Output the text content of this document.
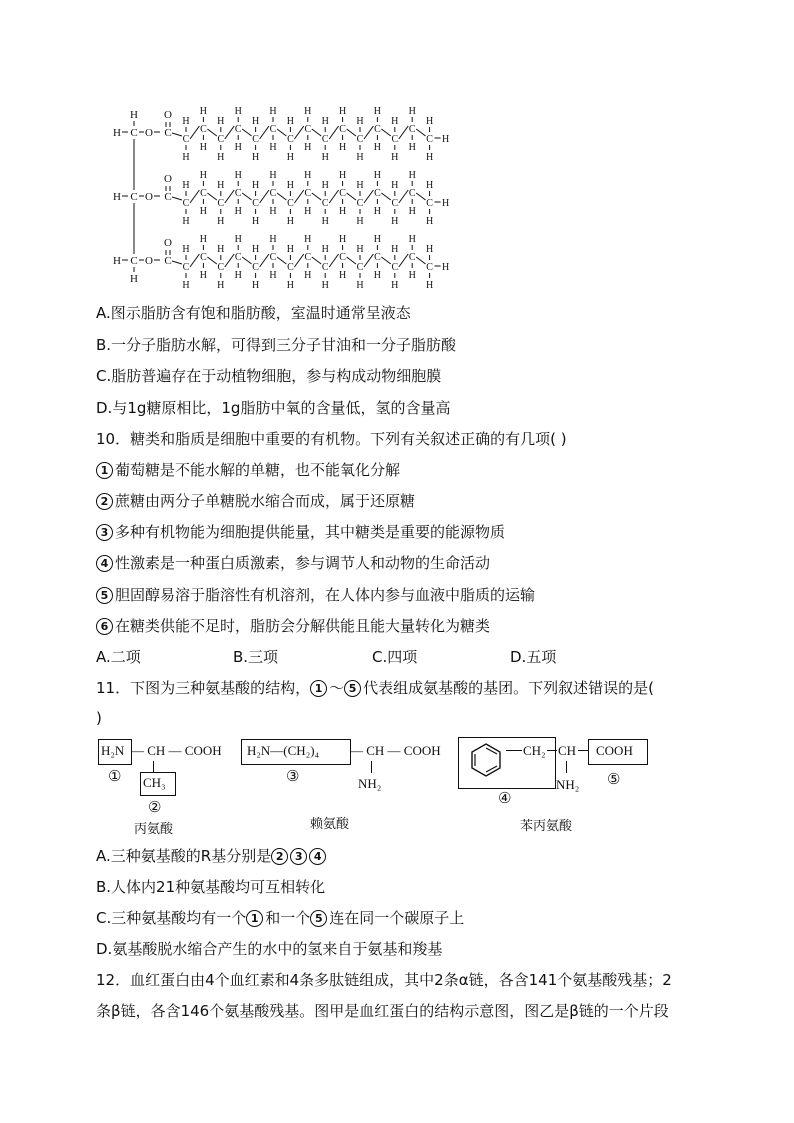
H C O C
H O
C
H
H
C
H
H
C
H
H
C
H
H
C
H
H
C
H
H
C
H
H
C
H
H
C
H
H
C
H
H
C
H
H
C
H
H
C
H
H
C
H
H
C
H
H
H
H C O C
O
C
H
H
C
H
H
C
H
H
C
H
H
C
H
H
C
H
H
C
H
H
C
H
H
C
H
H
C
H
H
C
H
H
C
H
H
C
H
H
C
H
H
C
H
H
H
H C O C
H
O
C
H
H
C
H
H
C
H
H
C
H
H
C
H
H
C
H
H
C
H
H
C
H
H
C
H
H
C
H
H
C
H
H
C
H
H
C
H
H
C
H
H
C
H
H
H
A.图示脂肪含有饱和脂肪酸，室温时通常呈液态
B.一分子脂肪水解，可得到三分子甘油和一分子脂肪酸
C.脂肪普遍存在于动植物细胞，参与构成动物细胞膜
D.与1g糖原相比，1g脂肪中氧的含量低，氢的含量高
10．糖类和脂质是细胞中重要的有机物。下列有关叙述正确的有几项( )
1 葡萄糖是不能水解的单糖，也不能氧化分解
2 蔗糖由两分子单糖脱水缩合而成，属于还原糖
3 多种有机物能为细胞提供能量，其中糖类是重要的能源物质
4 性激素是一种蛋白质激素，参与调节人和动物的生命活动
5 胆固醇易溶于脂溶性有机溶剂，在人体内参与血液中脂质的运输
6 在糖类供能不足时，脂肪会分解供能且能大量转化为糖类
A.二项	B.三项	C.四项	D.五项
11．下图为三种氨基酸的结构， 1 ～ 5 代表组成氨基酸的基团。下列叙述错误的是(
)
H₂N — CH — COOH
CH₃
①
②
丙氨酸
H₂N—(CH₂)₄ — CH — COOH
NH₂
③
赖氨酸
CH₂ CH
NH₂
COOH
④
⑤
苯丙氨酸
A.三种氨基酸的R基分别是 2 3 4
B.人体内21种氨基酸均可互相转化
C.三种氨基酸均有一个 1 和一个 5 连在同一个碳原子上
D.氨基酸脱水缩合产生的水中的氢来自于氨基和羧基
12．血红蛋白由4个血红素和4条多肽链组成，其中2条α链，各含141个氨基酸残基；2
条β链，各含146个氨基酸残基。图甲是血红蛋白的结构示意图，图乙是β链的一个片段
